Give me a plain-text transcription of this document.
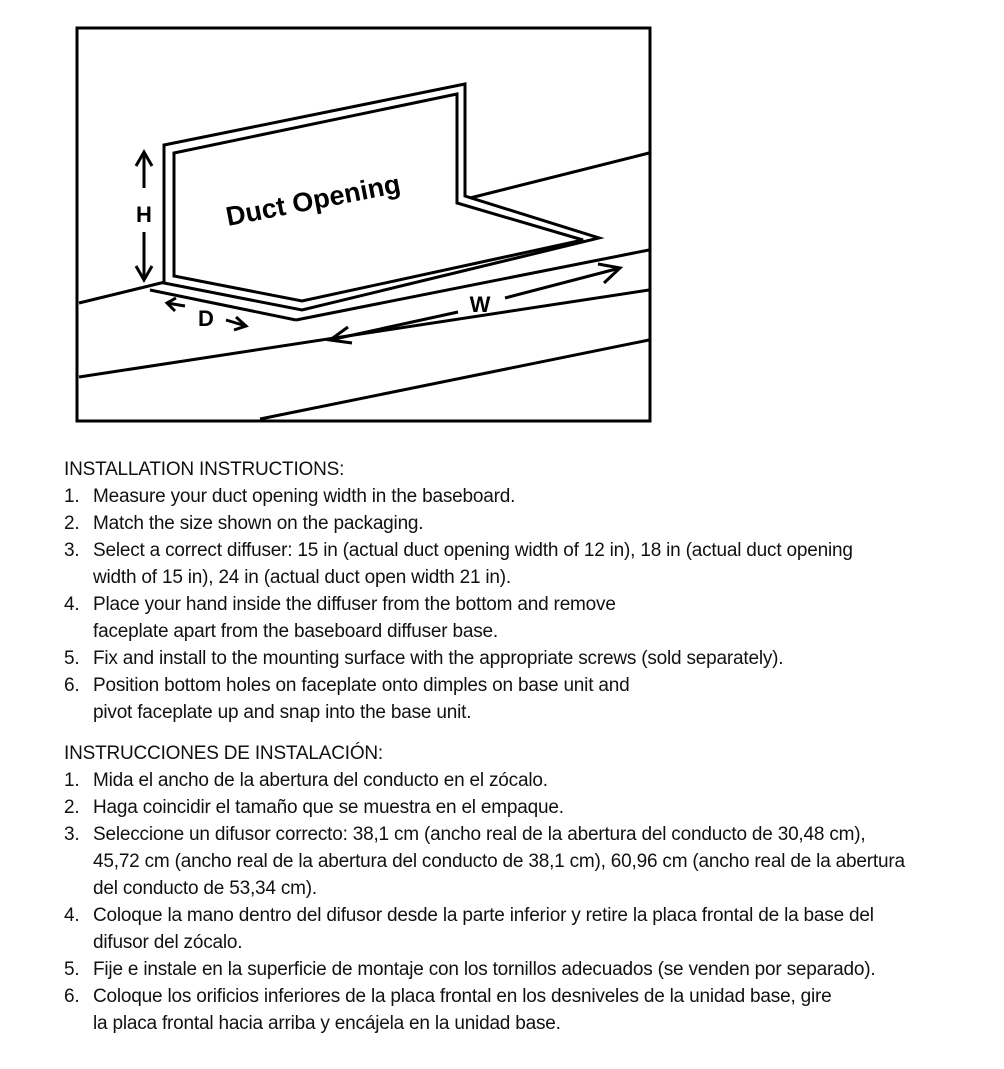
Duct Opening
H
D
W
INSTALLATION INSTRUCTIONS:
1. Measure your duct opening width in the baseboard.
2. Match the size shown on the packaging.
3. Select a correct diffuser: 15 in (actual duct opening width of 12 in), 18 in (actual duct opening width of 15 in), 24 in (actual duct open width 21 in).
4. Place your hand inside the diffuser from the bottom and remove faceplate apart from the baseboard diffuser base.
5. Fix and install to the mounting surface with the appropriate screws (sold separately).
6. Position bottom holes on faceplate onto dimples on base unit and pivot faceplate up and snap into the base unit.
INSTRUCCIONES DE INSTALACIÓN:
1. Mida el ancho de la abertura del conducto en el zócalo.
2. Haga coincidir el tamaño que se muestra en el empaque.
3. Seleccione un difusor correcto: 38,1 cm (ancho real de la abertura del conducto de 30,48 cm), 45,72 cm (ancho real de la abertura del conducto de 38,1 cm), 60,96 cm (ancho real de la abertura del conducto de 53,34 cm).
4. Coloque la mano dentro del difusor desde la parte inferior y retire la placa frontal de la base del difusor del zócalo.
5. Fije e instale en la superficie de montaje con los tornillos adecuados (se venden por separado).
6. Coloque los orificios inferiores de la placa frontal en los desniveles de la unidad base, gire la placa frontal hacia arriba y encájela en la unidad base.
